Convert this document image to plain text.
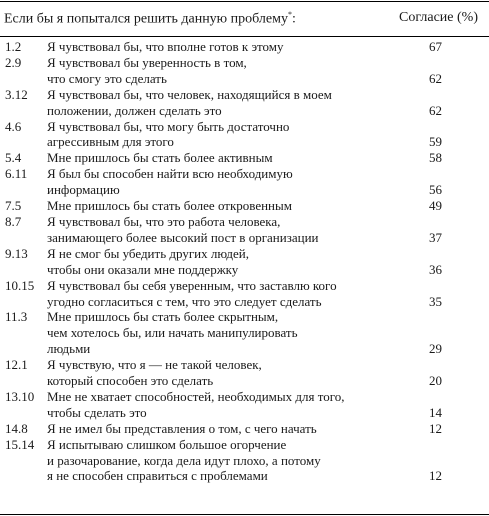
Если бы я попытался решить данную проблему*:	Согласие (%)
1.2	Я чувствовал бы, что вполне готов к этому	67
2.9	Я чувствовал бы уверенность в том,
что смогу это сделать	62
3.12	Я чувствовал бы, что человек, находящийся в моем
положении, должен сделать это	62
4.6	Я чувствовал бы, что могу быть достаточно
агрессивным для этого	59
5.4	Мне пришлось бы стать более активным	58
6.11	Я был бы способен найти всю необходимую
информацию	56
7.5	Мне пришлось бы стать более откровенным	49
8.7	Я чувствовал бы, что это работа человека,
занимающего более высокий пост в организации	37
9.13	Я не смог бы убедить других людей,
чтобы они оказали мне поддержку	36
10.15 Я чувствовал бы себя уверенным, что заставлю кого
угодно согласиться с тем, что это следует сделать	35
11.3	Мне пришлось бы стать более скрытным,
чем хотелось бы, или начать манипулировать
людьми	29
12.1	Я чувствую, что я — не такой человек,
который способен это сделать	20
13.10 Мне не хватает способностей, необходимых для того,
чтобы сделать это	14
14.8	Я не имел бы представления о том, с чего начать	12
15.14 Я испытываю слишком большое огорчение
и разочарование, когда дела идут плохо, а потому
я не способен справиться с проблемами	12
